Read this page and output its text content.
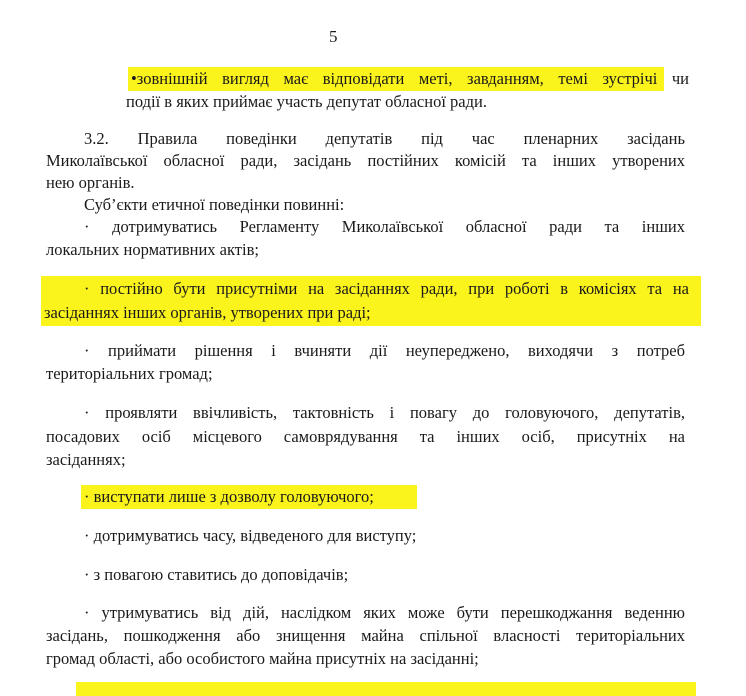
5
•зовнішній вигляд має відповідати меті, завданням, темі зустрічі чи
події в яких приймає участь депутат обласної ради.
3.2. Правила поведінки депутатів під час пленарних засідань
Миколаївської обласної ради, засідань постійних комісій та інших утворених
нею органів.
Суб’єкти етичної поведінки повинні:
· дотримуватись Регламенту Миколаївської обласної ради та інших
локальних нормативних актів;
· постійно бути присутніми на засіданнях ради, при роботі в комісіях та на
засіданнях інших органів, утворених при раді;
· приймати рішення і вчиняти дії неупереджено, виходячи з потреб
територіальних громад;
· проявляти ввічливість, тактовність і повагу до головуючого, депутатів,
посадових осіб місцевого самоврядування та інших осіб, присутніх на
засіданнях;
· виступати лише з дозволу головуючого;
· дотримуватись часу, відведеного для виступу;
· з повагою ставитись до доповідачів;
· утримуватись від дій, наслідком яких може бути перешкоджання веденню
засідань, пошкодження або знищення майна спільної власності територіальних
громад області, або особистого майна присутніх на засіданні;
